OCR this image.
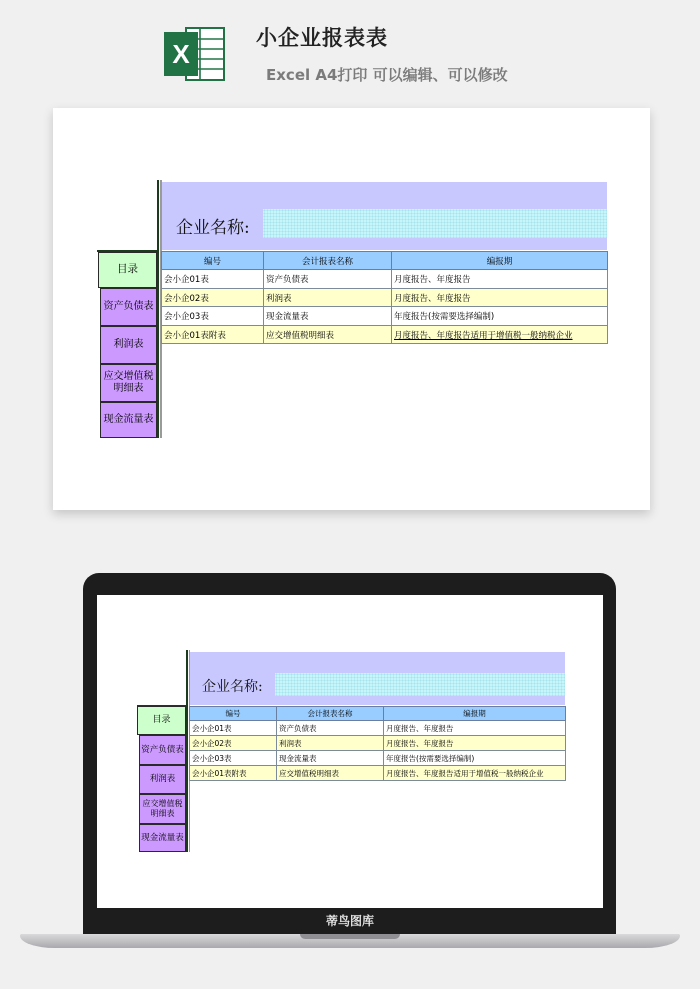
X
小企业报表表
Excel A4打印 可以编辑、可以修改
企业名称:
编号	会计报表名称	编报期
会小企01表	资产负债表	月度报告、年度报告
会小企02表	利润表	月度报告、年度报告
会小企03表	现金流量表	年度报告(按需要选择编制)
会小企01表附表	应交增值税明细表	月度报告、年度报告适用于增值税一般纳税企业
目录
资产负债表
利润表
应交增值税明细表
现金流量表
企业名称:
编号	会计报表名称	编报期
会小企01表	资产负债表	月度报告、年度报告
会小企02表	利润表	月度报告、年度报告
会小企03表	现金流量表	年度报告(按需要选择编制)
会小企01表附表	应交增值税明细表	月度报告、年度报告适用于增值税一般纳税企业
目录
资产负债表
利润表
应交增值税明细表
现金流量表
蒂鸟图库
